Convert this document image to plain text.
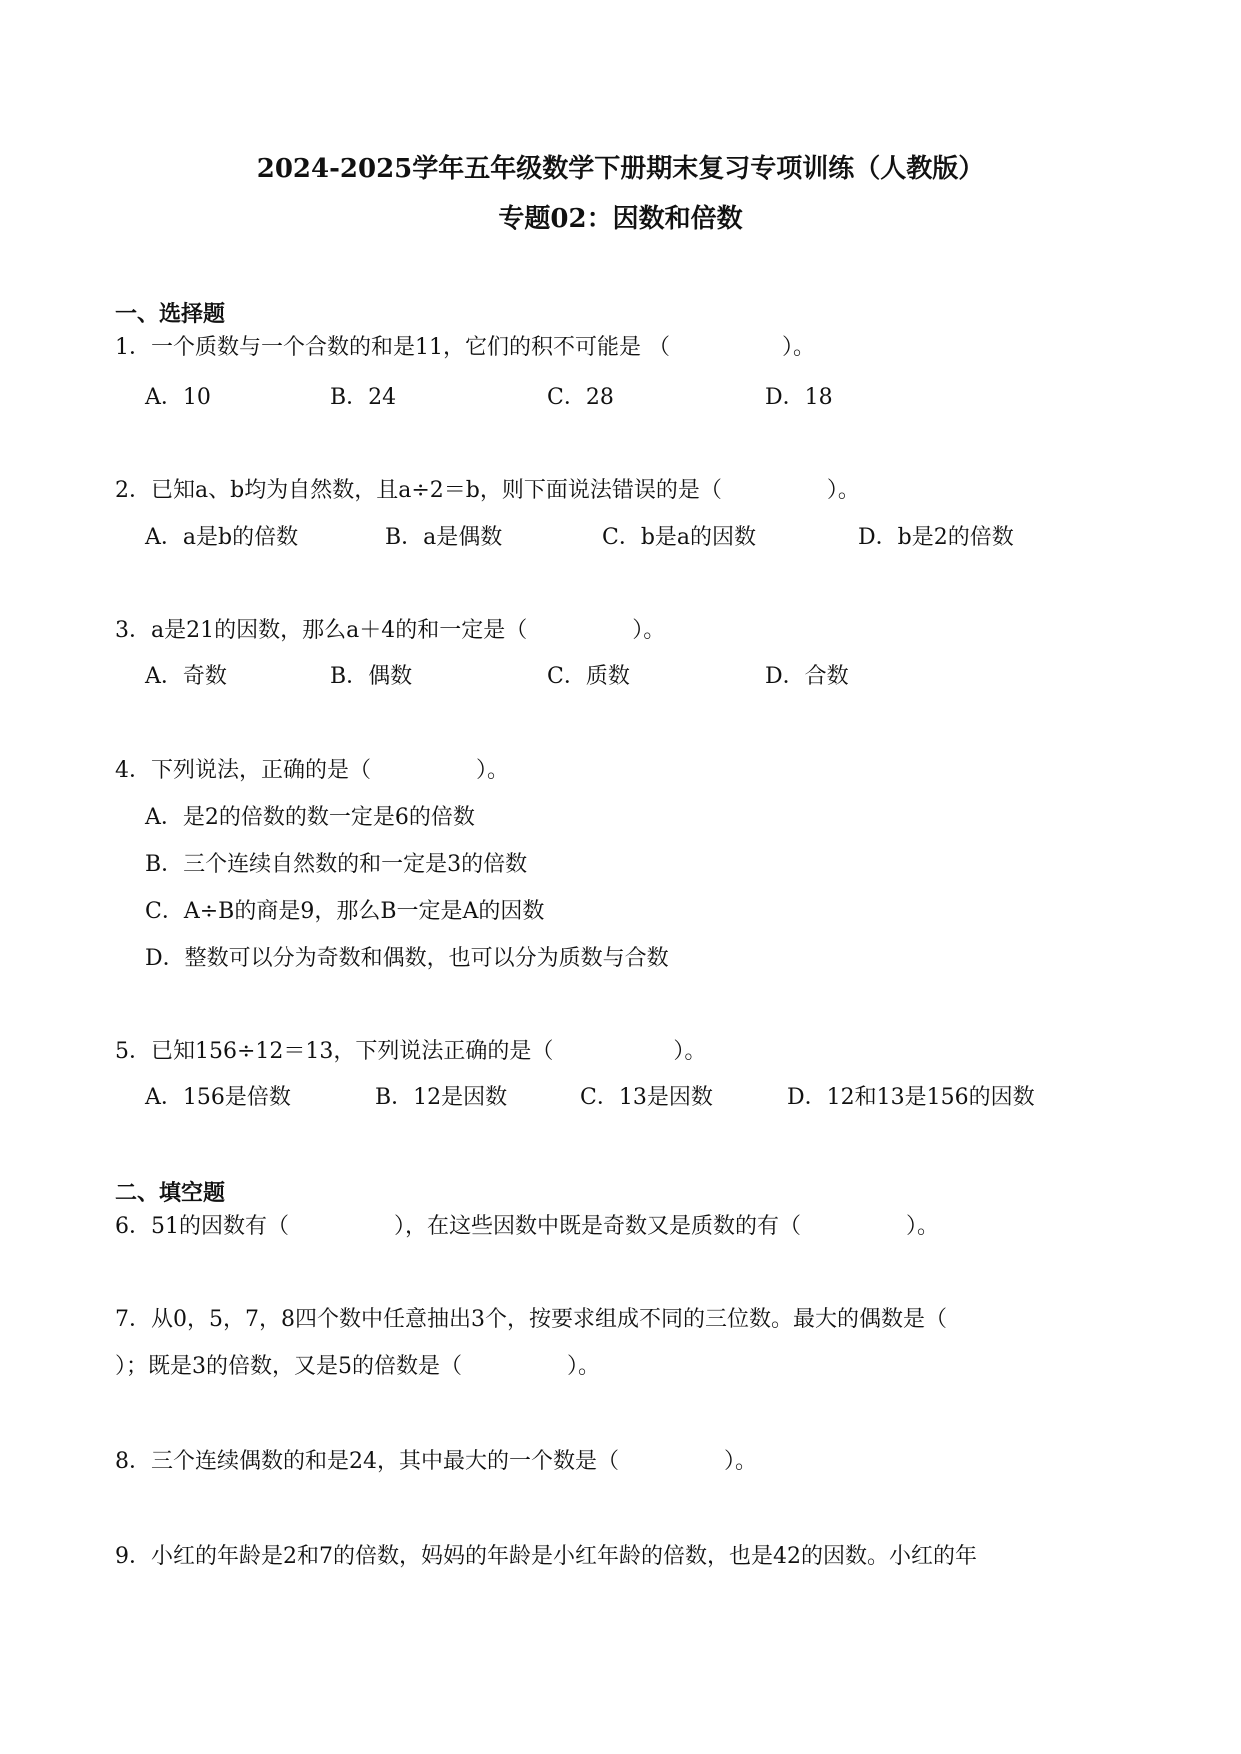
2024-2025学年五年级数学下册期末复习专项训练（人教版）
专题02：因数和倍数
一、选择题
1．一个质数与一个合数的和是11，它们的积不可能是 （	）。
A．10	B．24	C．28	D．18
2．已知a、b均为自然数，且a÷2＝b，则下面说法错误的是（	）。
A．a是b的倍数	B．a是偶数	C．b是a的因数	D．b是2的倍数
3．a是21的因数，那么a＋4的和一定是（	）。
A．奇数	B．偶数	C．质数	D．合数
4．下列说法，正确的是（	）。
A．是2的倍数的数一定是6的倍数
B．三个连续自然数的和一定是3的倍数
C．A÷B的商是9，那么B一定是A的因数
D．整数可以分为奇数和偶数，也可以分为质数与合数
5．已知156÷12＝13，下列说法正确的是（	）。
A．156是倍数	B．12是因数	C．13是因数	D．12和13是156的因数
二、填空题
6．51的因数有（	），在这些因数中既是奇数又是质数的有（	）。
7．从0，5，7，8四个数中任意抽出3个，按要求组成不同的三位数。最大的偶数是（
）；既是3的倍数，又是5的倍数是（	）。
8．三个连续偶数的和是24，其中最大的一个数是（	）。
9．小红的年龄是2和7的倍数，妈妈的年龄是小红年龄的倍数，也是42的因数。小红的年
